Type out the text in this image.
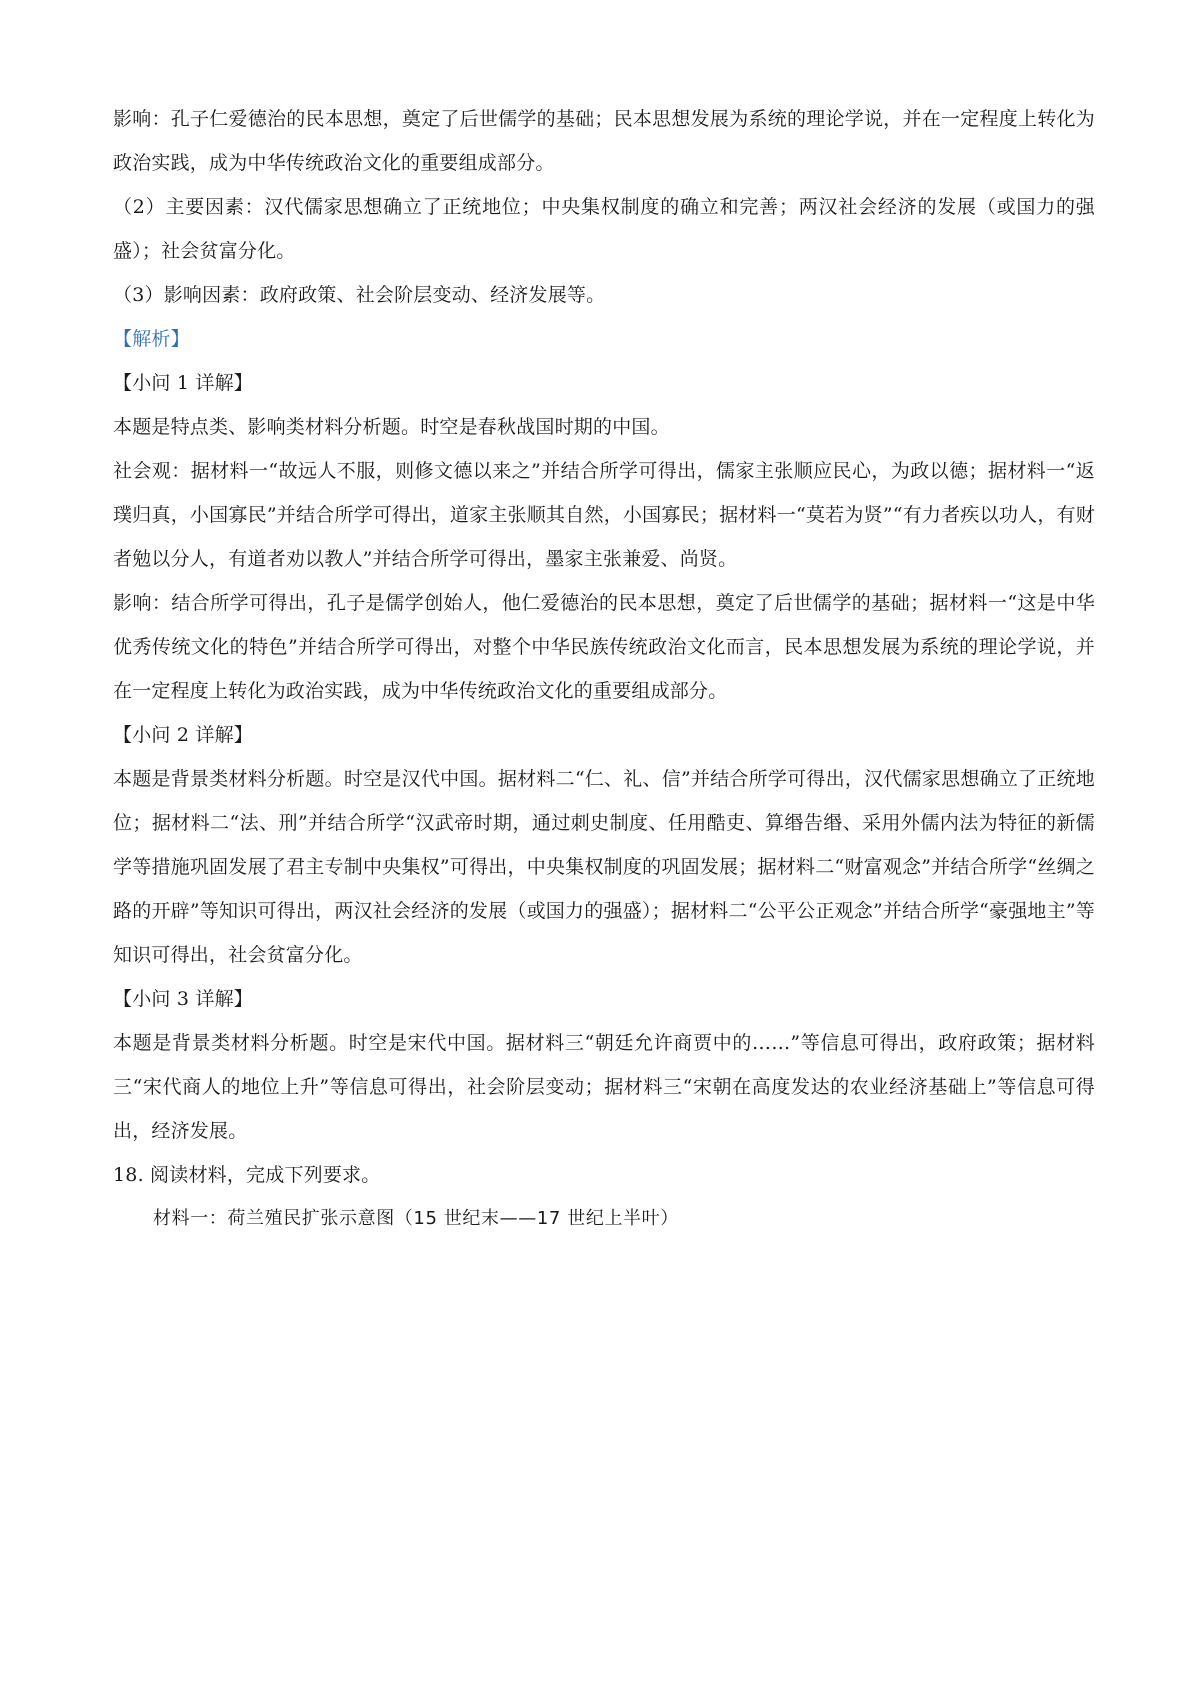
影响：孔子仁爱德治的民本思想，奠定了后世儒学的基础；民本思想发展为系统的理论学说，并在一定程度上转化为政治实践，成为中华传统政治文化的重要组成部分。

（2）主要因素：汉代儒家思想确立了正统地位；中央集权制度的确立和完善；两汉社会经济的发展（或国力的强盛）；社会贫富分化。

（3）影响因素：政府政策、社会阶层变动、经济发展等。

【解析】

【小问 1 详解】

本题是特点类、影响类材料分析题。时空是春秋战国时期的中国。

社会观：据材料一“故远人不服，则修文德以来之”并结合所学可得出，儒家主张顺应民心，为政以德；据材料一“返璞归真，小国寡民”并结合所学可得出，道家主张顺其自然，小国寡民；据材料一“莫若为贤”“有力者疾以功人，有财者勉以分人，有道者劝以教人”并结合所学可得出，墨家主张兼爱、尚贤。

影响：结合所学可得出，孔子是儒学创始人，他仁爱德治的民本思想，奠定了后世儒学的基础；据材料一“这是中华优秀传统文化的特色”并结合所学可得出，对整个中华民族传统政治文化而言，民本思想发展为系统的理论学说，并在一定程度上转化为政治实践，成为中华传统政治文化的重要组成部分。

【小问 2 详解】

本题是背景类材料分析题。时空是汉代中国。据材料二“仁、礼、信”并结合所学可得出，汉代儒家思想确立了正统地位；据材料二“法、刑”并结合所学“汉武帝时期，通过刺史制度、任用酷吏、算缗告缗、采用外儒内法为特征的新儒学等措施巩固发展了君主专制中央集权”可得出，中央集权制度的巩固发展；据材料二“财富观念”并结合所学“丝绸之路的开辟”等知识可得出，两汉社会经济的发展（或国力的强盛）；据材料二“公平公正观念”并结合所学“豪强地主”等知识可得出，社会贫富分化。

【小问 3 详解】

本题是背景类材料分析题。时空是宋代中国。据材料三“朝廷允许商贾中的……”等信息可得出，政府政策；据材料三“宋代商人的地位上升”等信息可得出，社会阶层变动；据材料三“宋朝在高度发达的农业经济基础上”等信息可得出，经济发展。

18. 阅读材料，完成下列要求。

材料一：荷兰殖民扩张示意图（15 世纪末——17 世纪上半叶）
